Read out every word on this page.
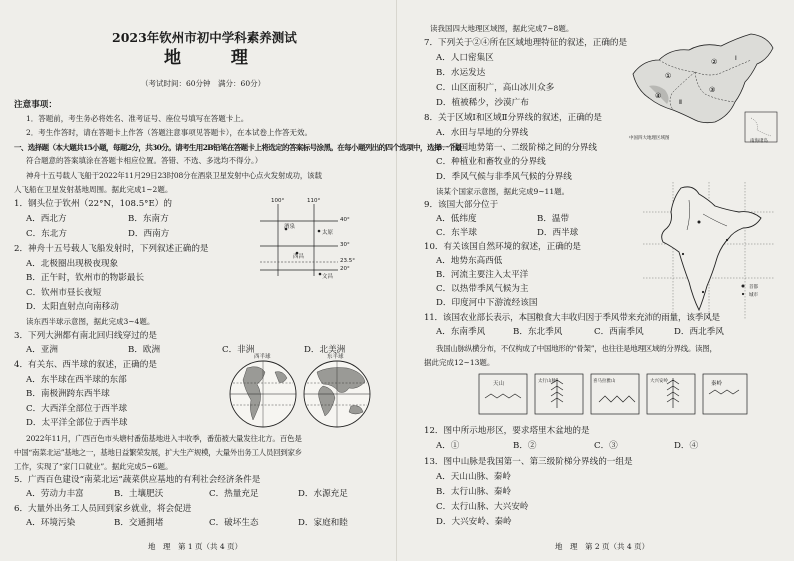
2023年钦州市初中学科素养测试
地 理
（考试时间：60分钟　满分：60分）
注意事项：
1．答题前，考生务必将姓名、准考证号、座位号填写在答题卡上。
2．考生作答时，请在答题卡上作答（答题注意事项见答题卡），在本试卷上作答无效。
一、选择题（本大题共15小题，每题2分，共30分。请考生用2B铅笔在答题卡上将选定的答案标号涂黑。在每小题列出的四个选项中，选择一个最
符合题意的答案填涂在答题卡相应位置。答错、不选、多选均不得分。）
神舟十五号载人飞船于2022年11月29日23时08分在酒泉卫星发射中心点火发射成功，该载
人飞船在卫星发射基地周围。据此完成1~2题。
1．钢头位于钦州（22°N，108.5°E）的
A．西北方	B．东南方
C．东北方	D．西南方
2．神舟十五号载人飞船发射时，下列叙述正确的是
A．北极圈出现极夜现象
B．正午时，钦州市的物影最长
C．钦州市昼长夜短
D．太阳直射点向南移动
读东西半球示意图，据此完成3~4题。
3．下列大洲都有南北回归线穿过的是
A．亚洲	B．欧洲	C．非洲	D．北美洲
4．有关东、西半球的叙述，正确的是
A．东半球在西半球的东部
B．南极洲跨东西半球
C．大西洋全部位于西半球
D．太平洋全部位于西半球
2022年11月，广西百色市头塘村番茄基地进入丰收季，番茄被大量发往北方。百色是
中国“南菜北运”基地之一，基地日益繁荣发展，扩大生产规模，大量外出务工人员回到家乡
工作，实现了“家门口就业”。据此完成5~6题。
5．广西百色建设“南菜北运”蔬菜供应基地的有利社会经济条件是
A．劳动力丰富	B．土壤肥沃	C．热量充足	D．水源充足
6．大量外出务工人员回到家乡就业，将会促进
A．环境污染	B．交通拥堵	C．破坏生态	D．家庭和睦
地　理　第 1 页（共 4 页）
100°	110°
40°
30°
23.5°
20°
酒泉
太原
西昌
文昌
西半球	东半球
读我国四大地理区域图，据此完成7~8题。
7．下列关于②④所在区域地理特征的叙述，正确的是
A．人口密集区
B．水运发达
C．山区面积广，高山冰川众多
D．植被稀少，沙漠广布
8．关于区域Ⅰ和区域Ⅱ分界线的叙述，正确的是
A．水田与旱地的分界线
B．我国地势第一、二级阶梯之间的分界线
C．种植业和畜牧业的分界线
D．季风气候与非季风气候的分界线
读某个国家示意图，据此完成9~11题。
9．该国大部分位于
A．低纬度	B．温带
C．东半球	D．西半球
10．有关该国自然环境的叙述，正确的是
A．地势东高西低
B．河流主要注入太平洋
C．以热带季风气候为主
D．印度河中下游流经该国
11．该国农业部长表示，本国粮食大丰收归因于季风带来充沛的雨量，该季风是
A．东南季风	B．东北季风	C．西南季风	D．西北季风
我国山脉纵横分布，不仅构成了中国地形的“骨架”，也往往是地理区域的分界线。读图，
据此完成12~13题。
天山	太行山脉	喜马拉雅山	大兴安岭	秦岭
12．图中所示地形区，要求塔里木盆地的是
A．①	B．②	C．③	D．④
13．图中山脉是我国第一、第三级阶梯分界线的一组是
A．天山山脉、秦岭
B．太行山脉、秦岭
C．太行山脉、大兴安岭
D．大兴安岭、秦岭
地　理　第 2 页（共 4 页）
①
②
③
④
Ⅰ
Ⅱ
中国四大地理区域图
南海诸岛
首都
城市
